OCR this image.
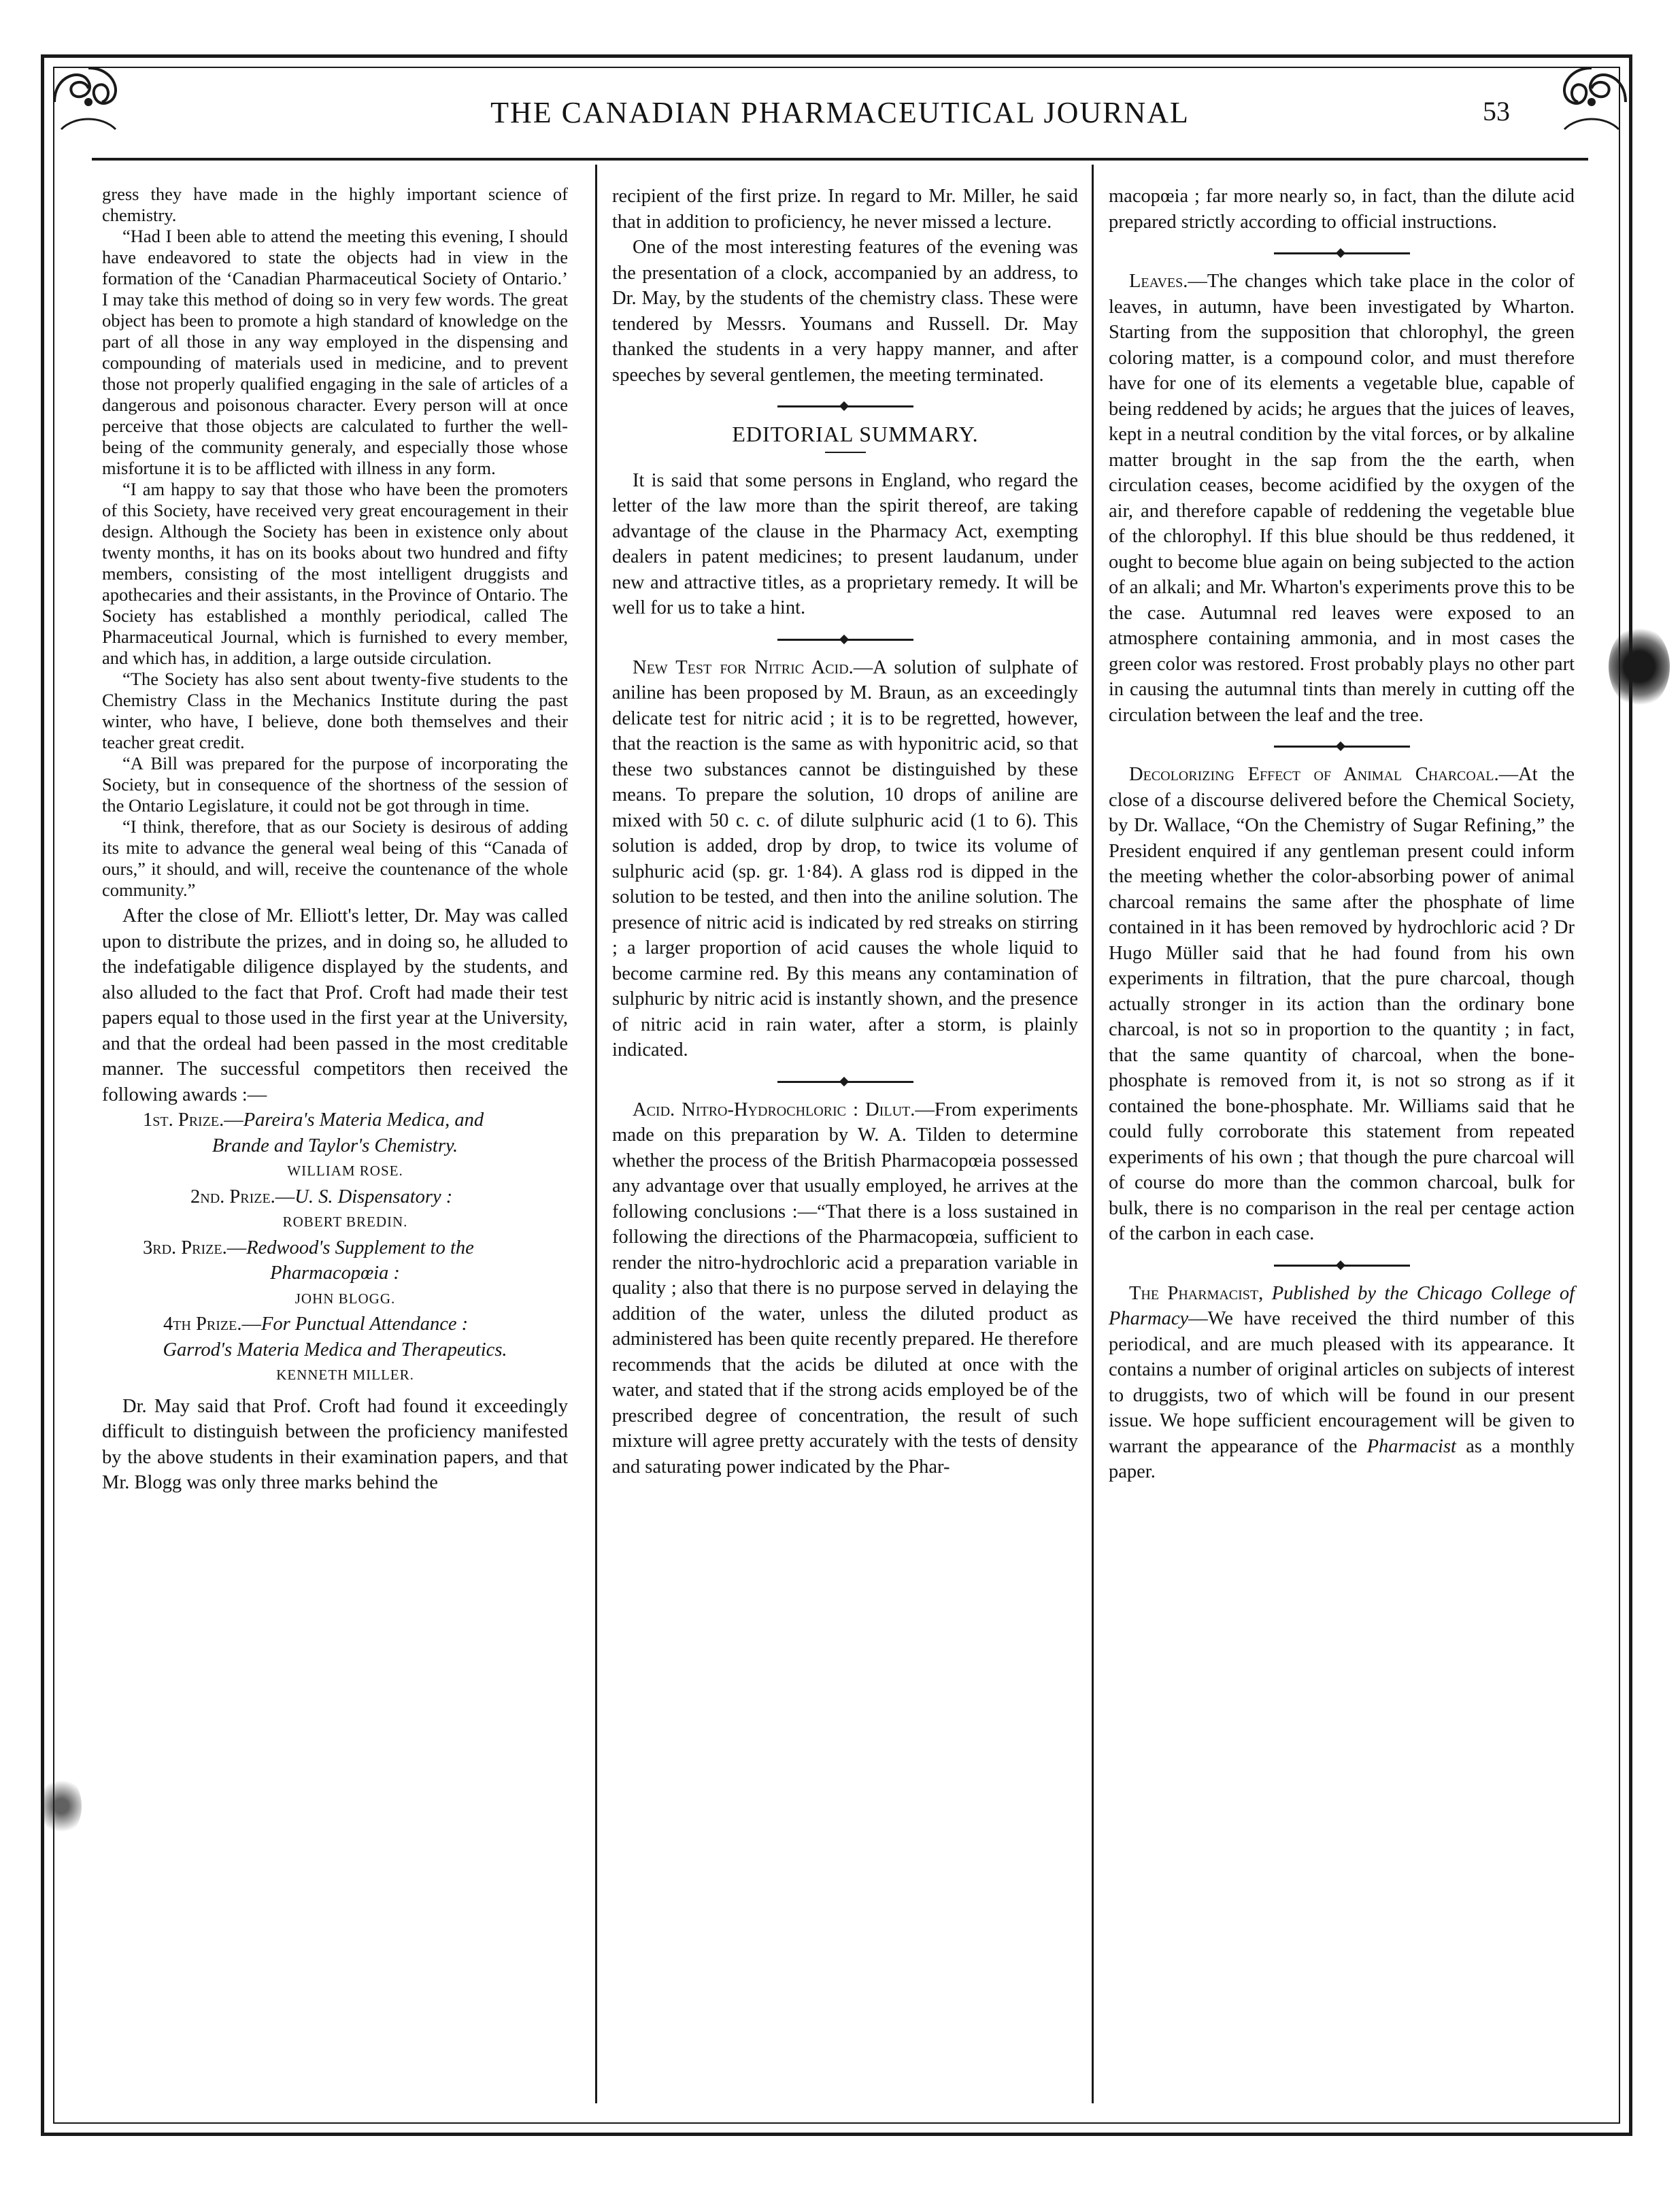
THE CANADIAN PHARMACEUTICAL JOURNAL	53

gress they have made in the highly important science of chemistry.

“Had I been able to attend the meeting this evening, I should have endeavored to state the objects had in view in the formation of the ‘Canadian Pharmaceutical Society of Ontario.’ I may take this method of doing so in very few words. The great object has been to promote a high standard of knowledge on the part of all those in any way employed in the dispensing and compounding of materials used in medicine, and to prevent those not properly qualified engaging in the sale of articles of a dangerous and poisonous character. Every person will at once perceive that those objects are calculated to further the well-being of the community generaly, and especially those whose misfortune it is to be afflicted with illness in any form.

“I am happy to say that those who have been the promoters of this Society, have received very great encouragement in their design. Although the Society has been in existence only about twenty months, it has on its books about two hundred and fifty members, consisting of the most intelligent druggists and apothecaries and their assistants, in the Province of Ontario. The Society has established a monthly periodical, called The Pharmaceutical Journal, which is furnished to every member, and which has, in addition, a large outside circulation.

“The Society has also sent about twenty-five students to the Chemistry Class in the Mechanics Institute during the past winter, who have, I believe, done both themselves and their teacher great credit.

“A Bill was prepared for the purpose of incorporating the Society, but in consequence of the shortness of the session of the Ontario Legislature, it could not be got through in time.

“I think, therefore, that as our Society is desirous of adding its mite to advance the general weal being of this “Canada of ours,” it should, and will, receive the countenance of the whole community.”

After the close of Mr. Elliott's letter, Dr. May was called upon to distribute the prizes, and in doing so, he alluded to the indefatigable diligence displayed by the students, and also alluded to the fact that Prof. Croft had made their test papers equal to those used in the first year at the University, and that the ordeal had been passed in the most creditable manner. The successful competitors then received the following awards :—

1st. Prize.—Pareira's Materia Medica, and

Brande and Taylor's Chemistry.

WILLIAM ROSE.

2nd. Prize.—U. S. Dispensatory :

ROBERT BREDIN.

3rd. Prize.—Redwood's Supplement to the

Pharmacopœia :

JOHN BLOGG.

4th Prize.—For Punctual Attendance :

Garrod's Materia Medica and Therapeutics.

KENNETH MILLER.

Dr. May said that Prof. Croft had found it exceedingly difficult to distinguish between the proficiency manifested by the above students in their examination papers, and that Mr. Blogg was only three marks behind the

recipient of the first prize. In regard to Mr. Miller, he said that in addition to proficiency, he never missed a lecture.

One of the most interesting features of the evening was the presentation of a clock, accompanied by an address, to Dr. May, by the students of the chemistry class. These were tendered by Messrs. Youmans and Russell. Dr. May thanked the students in a very happy manner, and after speeches by several gentlemen, the meeting terminated.

EDITORIAL SUMMARY.

It is said that some persons in England, who regard the letter of the law more than the spirit thereof, are taking advantage of the clause in the Pharmacy Act, exempting dealers in patent medicines; to present laudanum, under new and attractive titles, as a proprietary remedy. It will be well for us to take a hint.

New Test for Nitric Acid.—A solution of sulphate of aniline has been proposed by M. Braun, as an exceedingly delicate test for nitric acid ; it is to be regretted, however, that the reaction is the same as with hyponitric acid, so that these two substances cannot be distinguished by these means. To prepare the solution, 10 drops of aniline are mixed with 50 c. c. of dilute sulphuric acid (1 to 6). This solution is added, drop by drop, to twice its volume of sulphuric acid (sp. gr. 1·84). A glass rod is dipped in the solution to be tested, and then into the aniline solution. The presence of nitric acid is indicated by red streaks on stirring ; a larger proportion of acid causes the whole liquid to become carmine red. By this means any contamination of sulphuric by nitric acid is instantly shown, and the presence of nitric acid in rain water, after a storm, is plainly indicated.

Acid. Nitro-Hydrochloric : Dilut.—From experiments made on this preparation by W. A. Tilden to determine whether the process of the British Pharmacopœia possessed any advantage over that usually employed, he arrives at the following conclusions :—“That there is a loss sustained in following the directions of the Pharmacopœia, sufficient to render the nitro-hydrochloric acid a preparation variable in quality ; also that there is no purpose served in delaying the addition of the water, unless the diluted product as administered has been quite recently prepared. He therefore recommends that the acids be diluted at once with the water, and stated that if the strong acids employed be of the prescribed degree of concentration, the result of such mixture will agree pretty accurately with the tests of density and saturating power indicated by the Phar-

macopœia ; far more nearly so, in fact, than the dilute acid prepared strictly according to official instructions.

Leaves.—The changes which take place in the color of leaves, in autumn, have been investigated by Wharton. Starting from the supposition that chlorophyl, the green coloring matter, is a compound color, and must therefore have for one of its elements a vegetable blue, capable of being reddened by acids; he argues that the juices of leaves, kept in a neutral condition by the vital forces, or by alkaline matter brought in the sap from the the earth, when circulation ceases, become acidified by the oxygen of the air, and therefore capable of reddening the vegetable blue of the chlorophyl. If this blue should be thus reddened, it ought to become blue again on being subjected to the action of an alkali; and Mr. Wharton's experiments prove this to be the case. Autumnal red leaves were exposed to an atmosphere containing ammonia, and in most cases the green color was restored. Frost probably plays no other part in causing the autumnal tints than merely in cutting off the circulation between the leaf and the tree.

Decolorizing Effect of Animal Charcoal.—At the close of a discourse delivered before the Chemical Society, by Dr. Wallace, “On the Chemistry of Sugar Refining,” the President enquired if any gentleman present could inform the meeting whether the color-absorbing power of animal charcoal remains the same after the phosphate of lime contained in it has been removed by hydrochloric acid ? Dr Hugo Müller said that he had found from his own experiments in filtration, that the pure charcoal, though actually stronger in its action than the ordinary bone charcoal, is not so in proportion to the quantity ; in fact, that the same quantity of charcoal, when the bone-phosphate is removed from it, is not so strong as if it contained the bone-phosphate. Mr. Williams said that he could fully corroborate this statement from repeated experiments of his own ; that though the pure charcoal will of course do more than the common charcoal, bulk for bulk, there is no comparison in the real per centage action of the carbon in each case.

The Pharmacist, Published by the Chicago College of Pharmacy—We have received the third number of this periodical, and are much pleased with its appearance. It contains a number of original articles on subjects of interest to druggists, two of which will be found in our present issue. We hope sufficient encouragement will be given to warrant the appearance of the Pharmacist as a monthly paper.
